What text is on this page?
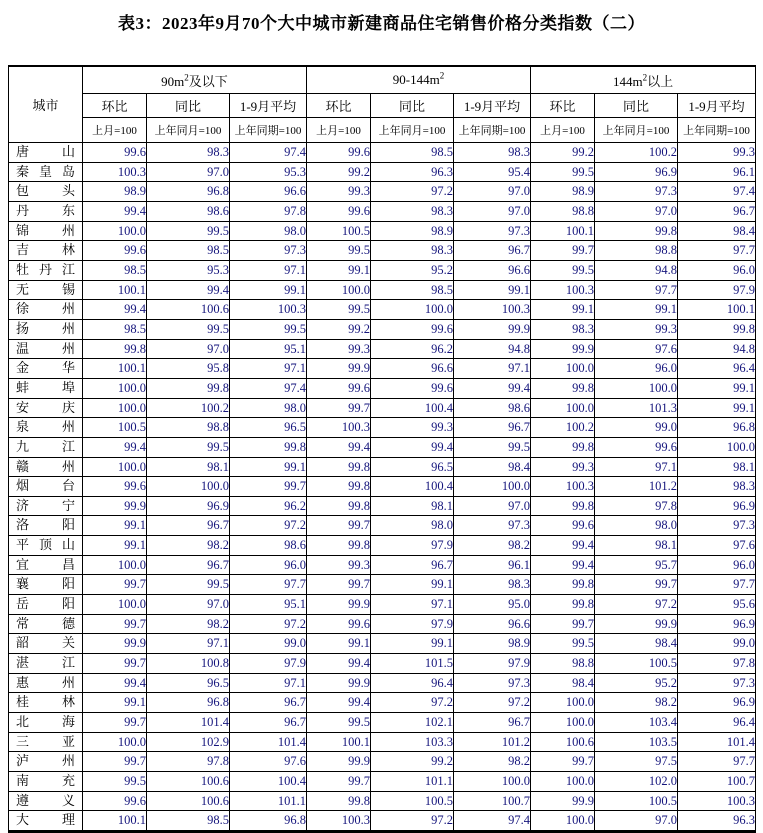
表3：2023年9月70个大中城市新建商品住宅销售价格分类指数（二）
城市	$90m^2$及以下			$90-144m^2$			$144m^2$以上		
	环比	同比	1-9月平均	环比	同比	1-9月平均	环比	同比	1-9月平均
	上月=100	上年同月=100	上年同期=100	上月=100	上年同月=100	上年同期=100	上月=100	上年同月=100	上年同期=100

唐 山	99.6	98.3	97.4	99.6	98.5	98.3	99.2	100.2	99.3

秦 皇 岛	100.3	97.0	95.3	99.2	96.3	95.4	99.5	96.9	96.1

包 头	98.9	96.8	96.6	99.3	97.2	97.0	98.9	97.3	97.4

丹 东	99.4	98.6	97.8	99.6	98.3	97.0	98.8	97.0	96.7

锦 州	100.0	99.5	98.0	100.5	98.9	97.3	100.1	99.8	98.4

吉 林	99.6	98.5	97.3	99.5	98.3	96.7	99.7	98.8	97.7

牡 丹 江	98.5	95.3	97.1	99.1	95.2	96.6	99.5	94.8	96.0

无 锡	100.1	99.4	99.1	100.0	98.5	99.1	100.3	97.7	97.9

徐 州	99.4	100.6	100.3	99.5	100.0	100.3	99.1	99.1	100.1

扬 州	98.5	99.5	99.5	99.2	99.6	99.9	98.3	99.3	99.8

温 州	99.8	97.0	95.1	99.3	96.2	94.8	99.9	97.6	94.8

金 华	100.1	95.8	97.1	99.9	96.6	97.1	100.0	96.0	96.4

蚌 埠	100.0	99.8	97.4	99.6	99.6	99.4	99.8	100.0	99.1

安 庆	100.0	100.2	98.0	99.7	100.4	98.6	100.0	101.3	99.1

泉 州	100.5	98.8	96.5	100.3	99.3	96.7	100.2	99.0	96.8

九 江	99.4	99.5	99.8	99.4	99.4	99.5	99.8	99.6	100.0

赣 州	100.0	98.1	99.1	99.8	96.5	98.4	99.3	97.1	98.1

烟 台	99.6	100.0	99.7	99.8	100.4	100.0	100.3	101.2	98.3

济 宁	99.9	96.9	96.2	99.8	98.1	97.0	99.8	97.8	96.9

洛 阳	99.1	96.7	97.2	99.7	98.0	97.3	99.6	98.0	97.3

平 顶 山	99.1	98.2	98.6	99.8	97.9	98.2	99.4	98.1	97.6

宜 昌	100.0	96.7	96.0	99.3	96.7	96.1	99.4	95.7	96.0

襄 阳	99.7	99.5	97.7	99.7	99.1	98.3	99.8	99.7	97.7

岳 阳	100.0	97.0	95.1	99.9	97.1	95.0	99.8	97.2	95.6

常 德	99.7	98.2	97.2	99.6	97.9	96.6	99.7	99.9	96.9

韶 关	99.9	97.1	99.0	99.1	99.1	98.9	99.5	98.4	99.0

湛 江	99.7	100.8	97.9	99.4	101.5	97.9	98.8	100.5	97.8

惠 州	99.4	96.5	97.1	99.9	96.4	97.3	98.4	95.2	97.3

桂 林	99.1	96.8	96.7	99.4	97.2	97.2	100.0	98.2	96.9

北 海	99.7	101.4	96.7	99.5	102.1	96.7	100.0	103.4	96.4

三 亚	100.0	102.9	101.4	100.1	103.3	101.2	100.6	103.5	101.4

泸 州	99.7	97.8	97.6	99.9	99.2	98.2	99.7	97.5	97.7

南 充	99.5	100.6	100.4	99.7	101.1	100.0	100.0	102.0	100.7

遵 义	99.6	100.6	101.1	99.8	100.5	100.7	99.9	100.5	100.3

大 理	100.1	98.5	96.8	100.3	97.2	97.4	100.0	97.0	96.3
